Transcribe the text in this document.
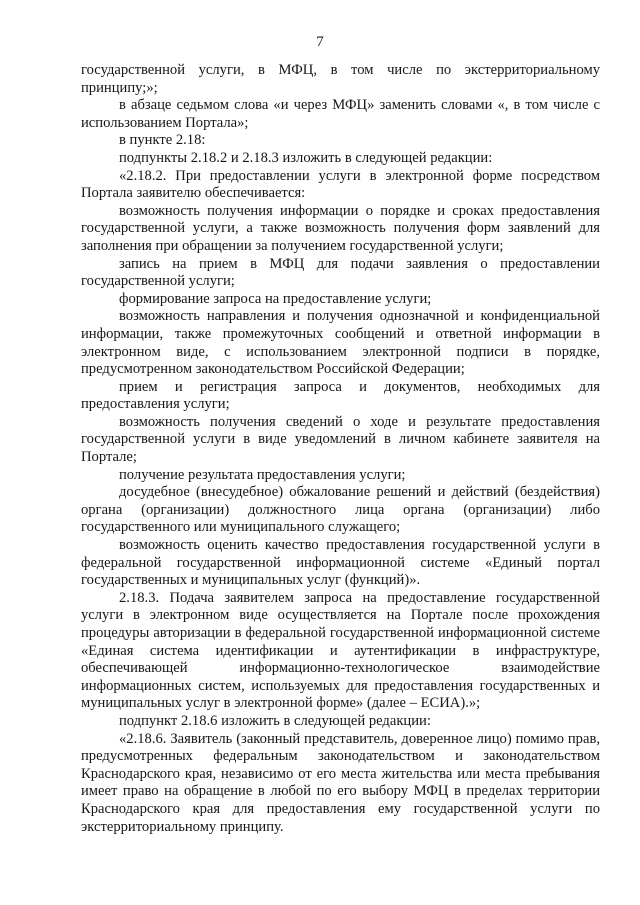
7

государственной услуги, в МФЦ, в том числе по экстерриториальному принципу;»;

в абзаце седьмом слова «и через МФЦ» заменить словами «, в том числе с использованием Портала»;

в пункте 2.18:

подпункты 2.18.2 и 2.18.3 изложить в следующей редакции:

«2.18.2. При предоставлении услуги в электронной форме посредством Портала заявителю обеспечивается:

возможность получения информации о порядке и сроках предоставления государственной услуги, а также возможность получения форм заявлений для заполнения при обращении за получением государственной услуги;

запись на прием в МФЦ для подачи заявления о предоставлении государственной услуги;

формирование запроса на предоставление услуги;

возможность направления и получения однозначной и конфиденциальной информации, также промежуточных сообщений и ответной информации в электронном виде, с использованием электронной подписи в порядке, предусмотренном законодательством Российской Федерации;

прием и регистрация запроса и документов, необходимых для предоставления услуги;

возможность получения сведений о ходе и результате предоставления государственной услуги в виде уведомлений в личном кабинете заявителя на Портале;

получение результата предоставления услуги;

досудебное (внесудебное) обжалование решений и действий (бездействия) органа (организации) должностного лица органа (организации) либо государственного или муниципального служащего;

возможность оценить качество предоставления государственной услуги в федеральной государственной информационной системе «Единый портал государственных и муниципальных услуг (функций)».

2.18.3. Подача заявителем запроса на предоставление государственной услуги в электронном виде осуществляется на Портале после прохождения процедуры авторизации в федеральной государственной информационной системе «Единая система идентификации и аутентификации в инфраструктуре, обеспечивающей информационно-технологическое взаимодействие информационных систем, используемых для предоставления государственных и муниципальных услуг в электронной форме» (далее – ЕСИА).»;

подпункт 2.18.6 изложить в следующей редакции:

«2.18.6. Заявитель (законный представитель, доверенное лицо) помимо прав, предусмотренных федеральным законодательством и законодательством Краснодарского края, независимо от его места жительства или места пребывания имеет право на обращение в любой по его выбору МФЦ в пределах территории Краснодарского края для предоставления ему государственной услуги по экстерриториальному принципу.
